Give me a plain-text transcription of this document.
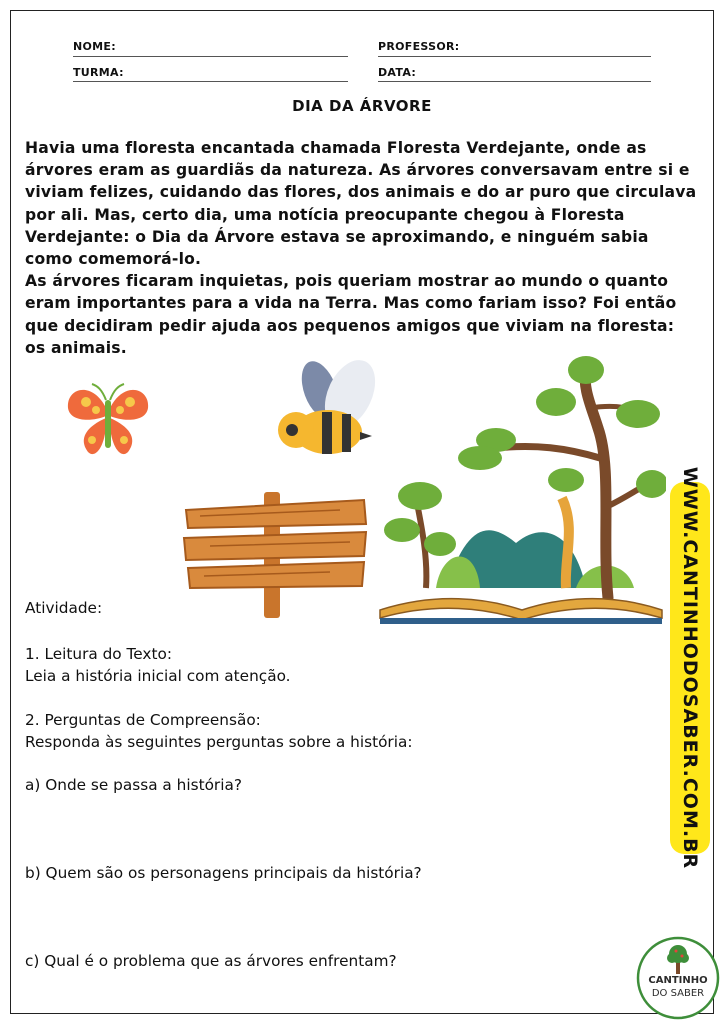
NOME:	PROFESSOR:
TURMA:	DATA:
DIA DA ÁRVORE

Havia uma floresta encantada chamada Floresta Verdejante, onde as árvores eram as guardiãs da natureza. As árvores conversavam entre si e viviam felizes, cuidando das flores, dos animais e do ar puro que circulava por ali. Mas, certo dia, uma notícia preocupante chegou à Floresta Verdejante: o Dia da Árvore estava se aproximando, e ninguém sabia como comemorá-lo.

As árvores ficaram inquietas, pois queriam mostrar ao mundo o quanto eram importantes para a vida na Terra. Mas como fariam isso? Foi então que decidiram pedir ajuda aos pequenos amigos que viviam na floresta: os animais.

Atividade:

1. Leitura do Texto:

Leia a história inicial com atenção.

2. Perguntas de Compreensão:

Responda às seguintes perguntas sobre a história:

a) Onde se passa a história?

b) Quem são os personagens principais da história?

c) Qual é o problema que as árvores enfrentam?

WWW.CANTINHODOSABER.COM.BR
CANTINHO
DO SABER
